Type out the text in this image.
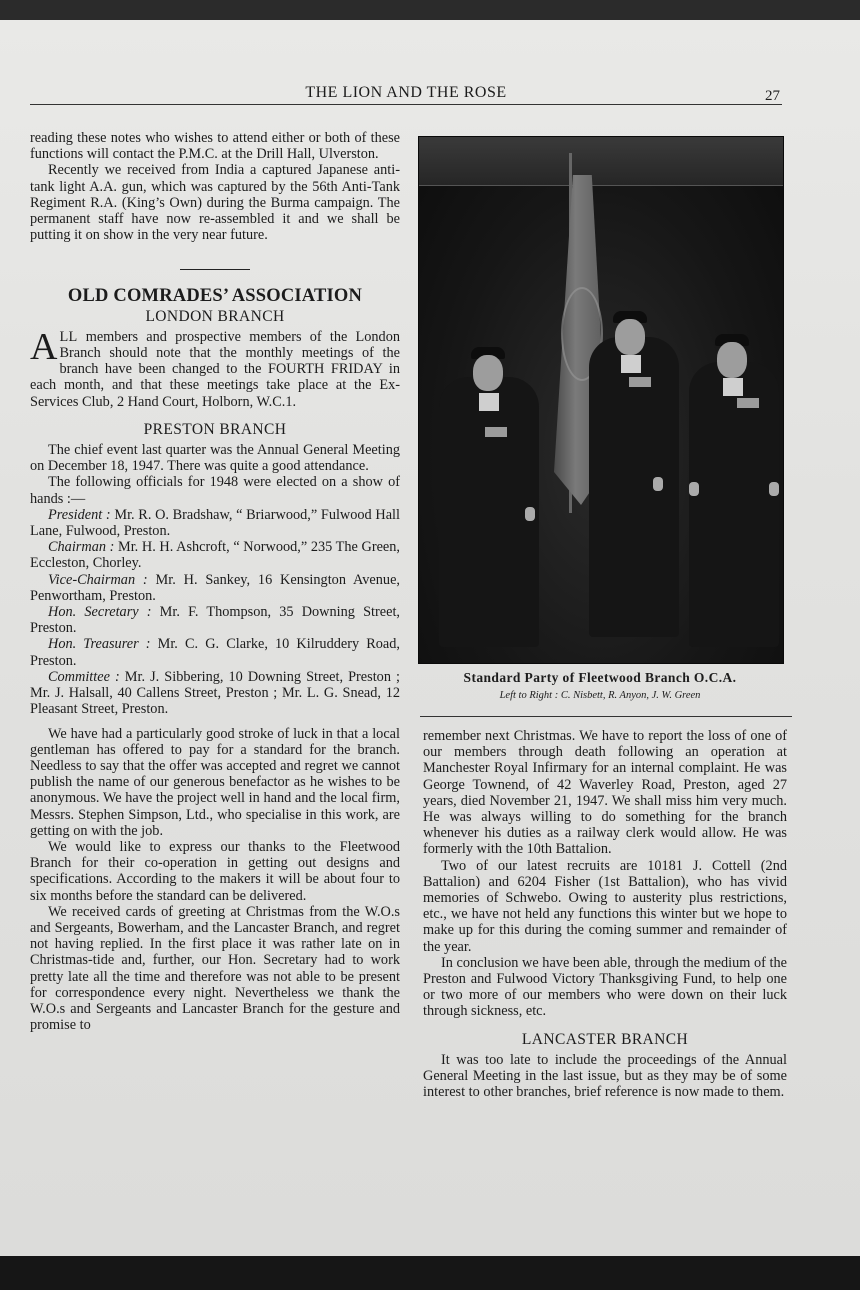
THE LION AND THE ROSE	27

reading these notes who wishes to attend either or both of these functions will contact the P.M.C. at the Drill Hall, Ulverston.

Recently we received from India a captured Japanese anti-tank light A.A. gun, which was captured by the 56th Anti-Tank Regiment R.A. (King’s Own) during the Burma campaign. The permanent staff have now re-assembled it and we shall be putting it on show in the very near future.

OLD COMRADES’ ASSOCIATION
LONDON BRANCH

ALL members and prospective members of the London Branch should note that the monthly meetings of the branch have been changed to the FOURTH FRIDAY in each month, and that these meetings take place at the Ex-Services Club, 2 Hand Court, Holborn, W.C.1.

PRESTON BRANCH

The chief event last quarter was the Annual General Meeting on December 18, 1947. There was quite a good attendance.

The following officials for 1948 were elected on a show of hands :—

President : Mr. R. O. Bradshaw, “ Briarwood,” Fulwood Hall Lane, Fulwood, Preston.

Chairman : Mr. H. H. Ashcroft, “ Norwood,” 235 The Green, Eccleston, Chorley.

Vice-Chairman : Mr. H. Sankey, 16 Kensington Avenue, Penwortham, Preston.

Hon. Secretary : Mr. F. Thompson, 35 Downing Street, Preston.

Hon. Treasurer : Mr. C. G. Clarke, 10 Kilruddery Road, Preston.

Committee : Mr. J. Sibbering, 10 Downing Street, Preston ; Mr. J. Halsall, 40 Callens Street, Preston ; Mr. L. G. Snead, 12 Pleasant Street, Preston.

We have had a particularly good stroke of luck in that a local gentleman has offered to pay for a standard for the branch. Needless to say that the offer was accepted and regret we cannot publish the name of our generous benefactor as he wishes to be anonymous. We have the project well in hand and the local firm, Messrs. Stephen Simpson, Ltd., who specialise in this work, are getting on with the job.

We would like to express our thanks to the Fleetwood Branch for their co-operation in getting out designs and specifications. According to the makers it will be about four to six months before the standard can be delivered.

We received cards of greeting at Christmas from the W.O.s and Sergeants, Bowerham, and the Lancaster Branch, and regret not having replied. In the first place it was rather late on in Christmas-tide and, further, our Hon. Secretary had to work pretty late all the time and therefore was not able to be present for correspondence every night. Nevertheless we thank the W.O.s and Sergeants and Lancaster Branch for the gesture and promise to

Standard Party of Fleetwood Branch O.C.A.
Left to Right : C. Nisbett, R. Anyon, J. W. Green

remember next Christmas. We have to report the loss of one of our members through death following an operation at Manchester Royal Infirmary for an internal complaint. He was George Townend, of 42 Waverley Road, Preston, aged 27 years, died November 21, 1947. We shall miss him very much. He was always willing to do something for the branch whenever his duties as a railway clerk would allow. He was formerly with the 10th Battalion.

Two of our latest recruits are 10181 J. Cottell (2nd Battalion) and 6204 Fisher (1st Battalion), who has vivid memories of Schwebo. Owing to austerity plus restrictions, etc., we have not held any functions this winter but we hope to make up for this during the coming summer and remainder of the year.

In conclusion we have been able, through the medium of the Preston and Fulwood Victory Thanksgiving Fund, to help one or two more of our members who were down on their luck through sickness, etc.

LANCASTER BRANCH

It was too late to include the proceedings of the Annual General Meeting in the last issue, but as they may be of some interest to other branches, brief reference is now made to them.
